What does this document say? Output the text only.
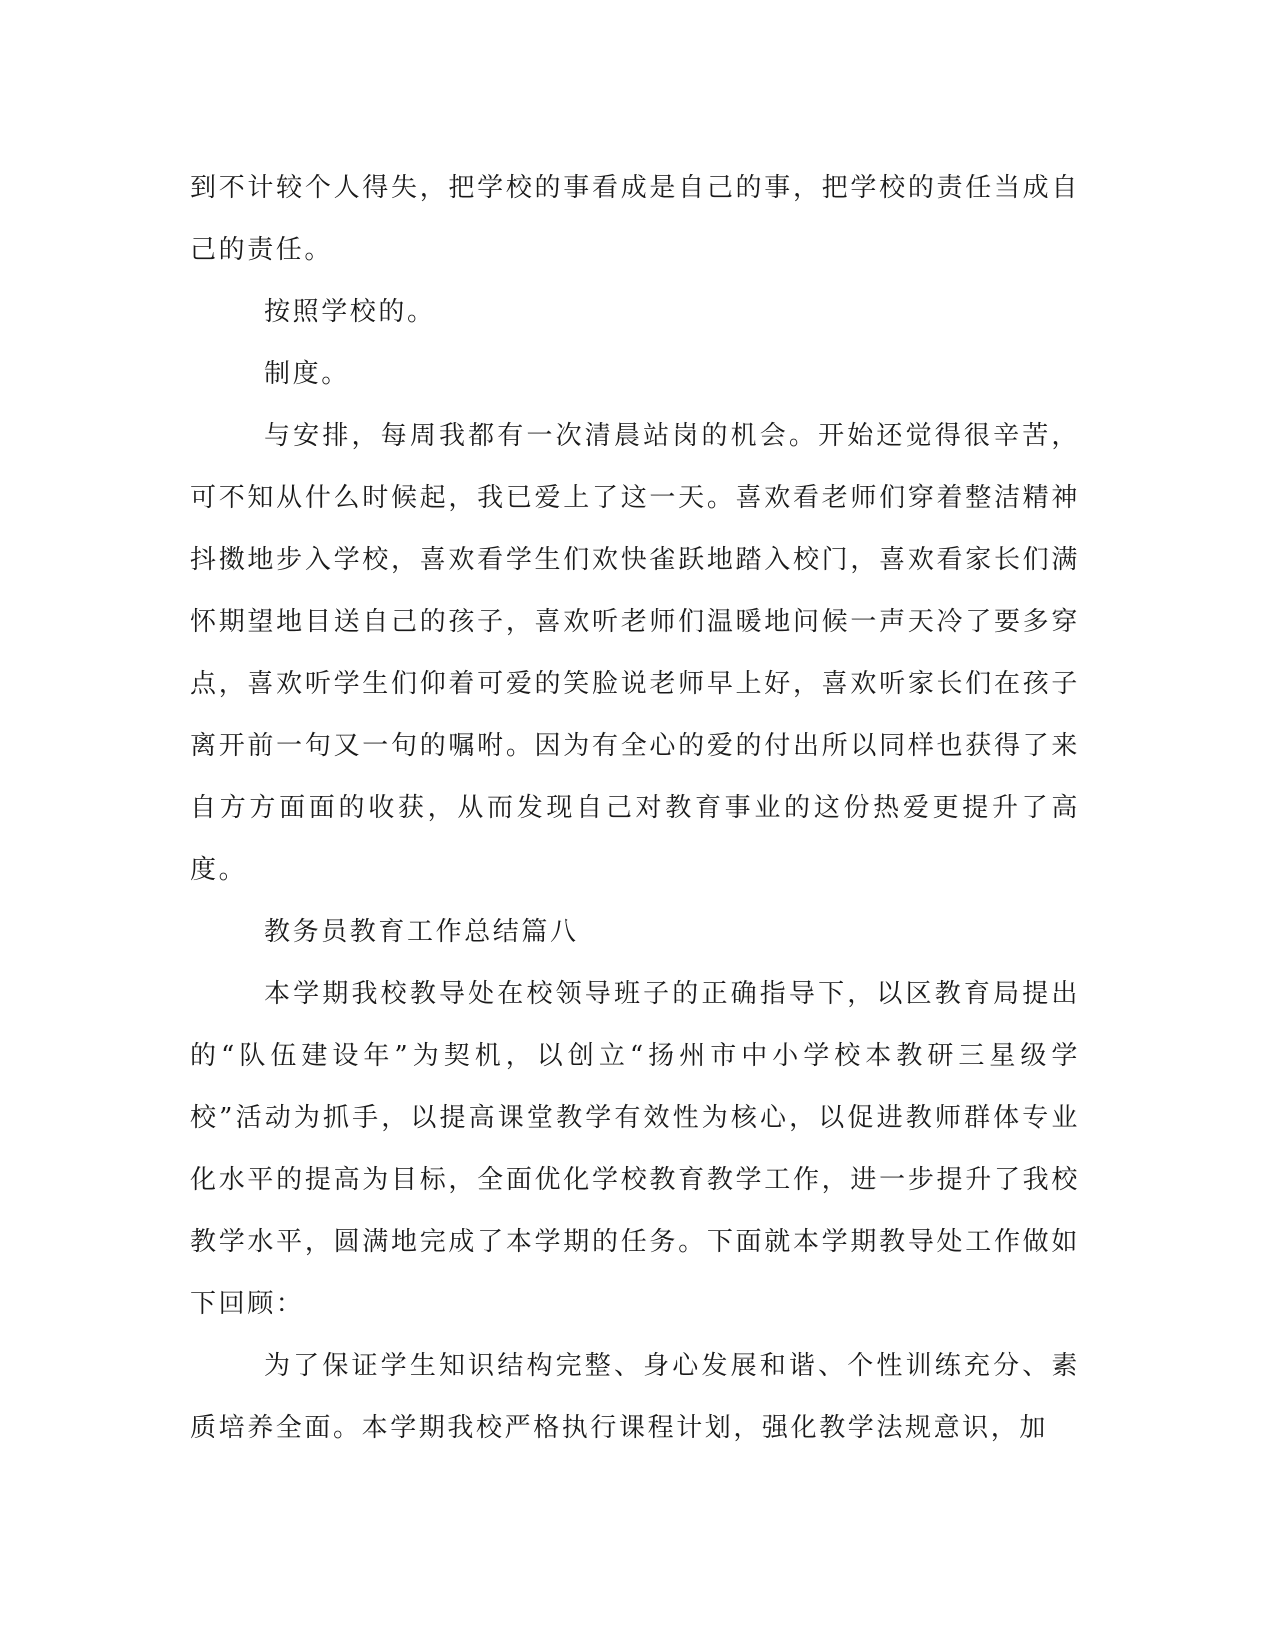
到不计较个人得失，把学校的事看成是自己的事，把学校的责任当成自己的责任。

按照学校的。

制度。

与安排，每周我都有一次清晨站岗的机会。开始还觉得很辛苦，可不知从什么时候起，我已爱上了这一天。喜欢看老师们穿着整洁精神抖擞地步入学校，喜欢看学生们欢快雀跃地踏入校门，喜欢看家长们满怀期望地目送自己的孩子，喜欢听老师们温暖地问候一声天冷了要多穿点，喜欢听学生们仰着可爱的笑脸说老师早上好，喜欢听家长们在孩子离开前一句又一句的嘱咐。因为有全心的爱的付出所以同样也获得了来自方方面面的收获，从而发现自己对教育事业的这份热爱更提升了高度。

教务员教育工作总结篇八

本学期我校教导处在校领导班子的正确指导下，以区教育局提出的“队伍建设年”为契机，以创立“扬州市中小学校本教研三星级学校”活动为抓手，以提高课堂教学有效性为核心，以促进教师群体专业化水平的提高为目标，全面优化学校教育教学工作，进一步提升了我校教学水平，圆满地完成了本学期的任务。下面就本学期教导处工作做如下回顾：

为了保证学生知识结构完整、身心发展和谐、个性训练充分、素质培养全面。本学期我校严格执行课程计划，强化教学法规意识，加
